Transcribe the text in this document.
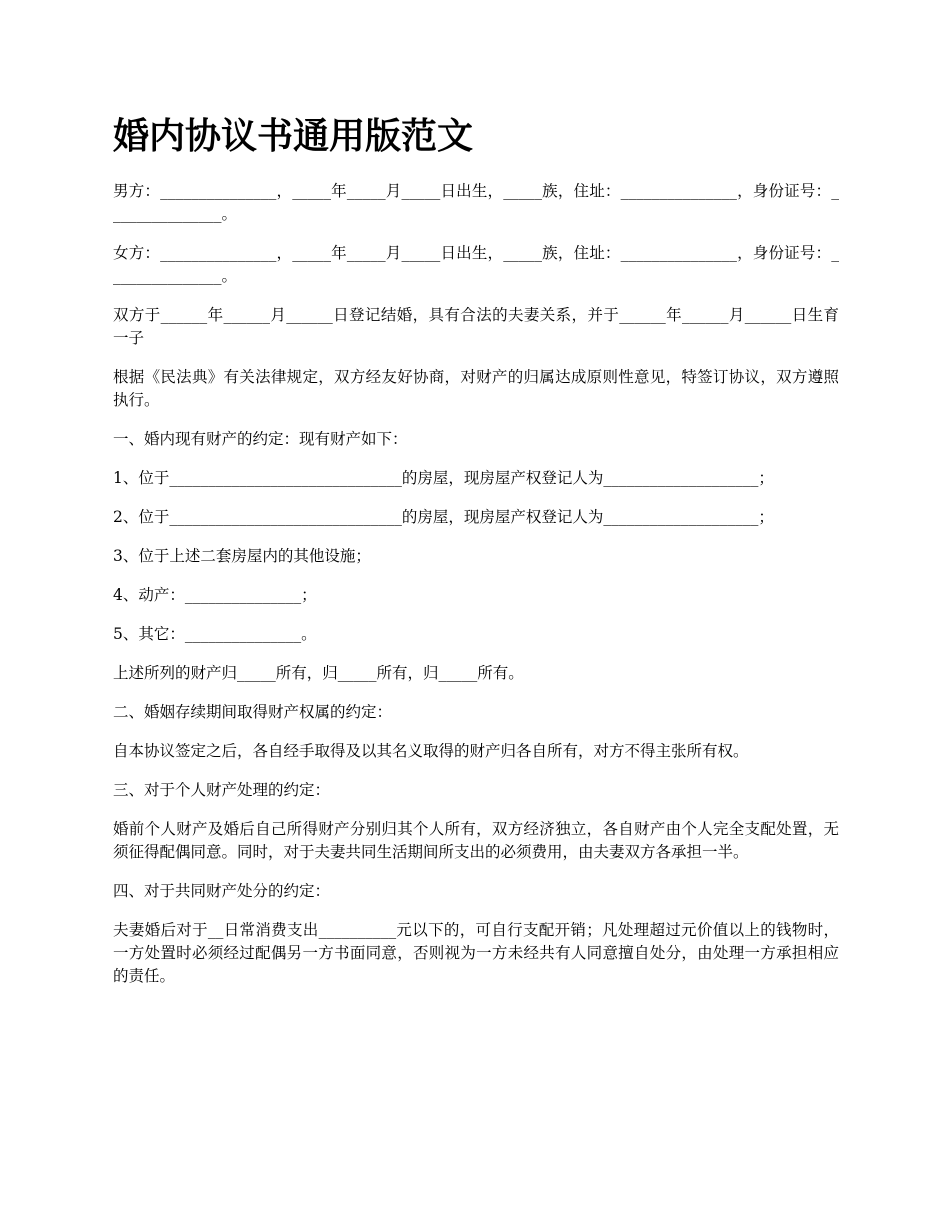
婚内协议书通用版范文

男方：_______________，_____年_____月_____日出生，_____族，住址：_______________，身份证号：_______________。

女方：_______________，_____年_____月_____日出生，_____族，住址：_______________，身份证号：_______________。

双方于______年______月______日登记结婚，具有合法的夫妻关系，并于______年______月______日生育一子

根据《民法典》有关法律规定，双方经友好协商，对财产的归属达成原则性意见，特签订协议，双方遵照执行。

一、婚内现有财产的约定：现有财产如下：

1、位于______________________________的房屋，现房屋产权登记人为____________________；

2、位于______________________________的房屋，现房屋产权登记人为____________________；

3、位于上述二套房屋内的其他设施；

4、动产：_______________；

5、其它：_______________。

上述所列的财产归_____所有，归_____所有，归_____所有。

二、婚姻存续期间取得财产权属的约定：

自本协议签定之后，各自经手取得及以其名义取得的财产归各自所有，对方不得主张所有权。

三、对于个人财产处理的约定：

婚前个人财产及婚后自己所得财产分别归其个人所有，双方经济独立，各自财产由个人完全支配处置，无须征得配偶同意。同时，对于夫妻共同生活期间所支出的必须费用，由夫妻双方各承担一半。

四、对于共同财产处分的约定：

夫妻婚后对于__日常消费支出__________元以下的，可自行支配开销；凡处理超过元价值以上的钱物时，一方处置时必须经过配偶另一方书面同意，否则视为一方未经共有人同意擅自处分，由处理一方承担相应的责任。
